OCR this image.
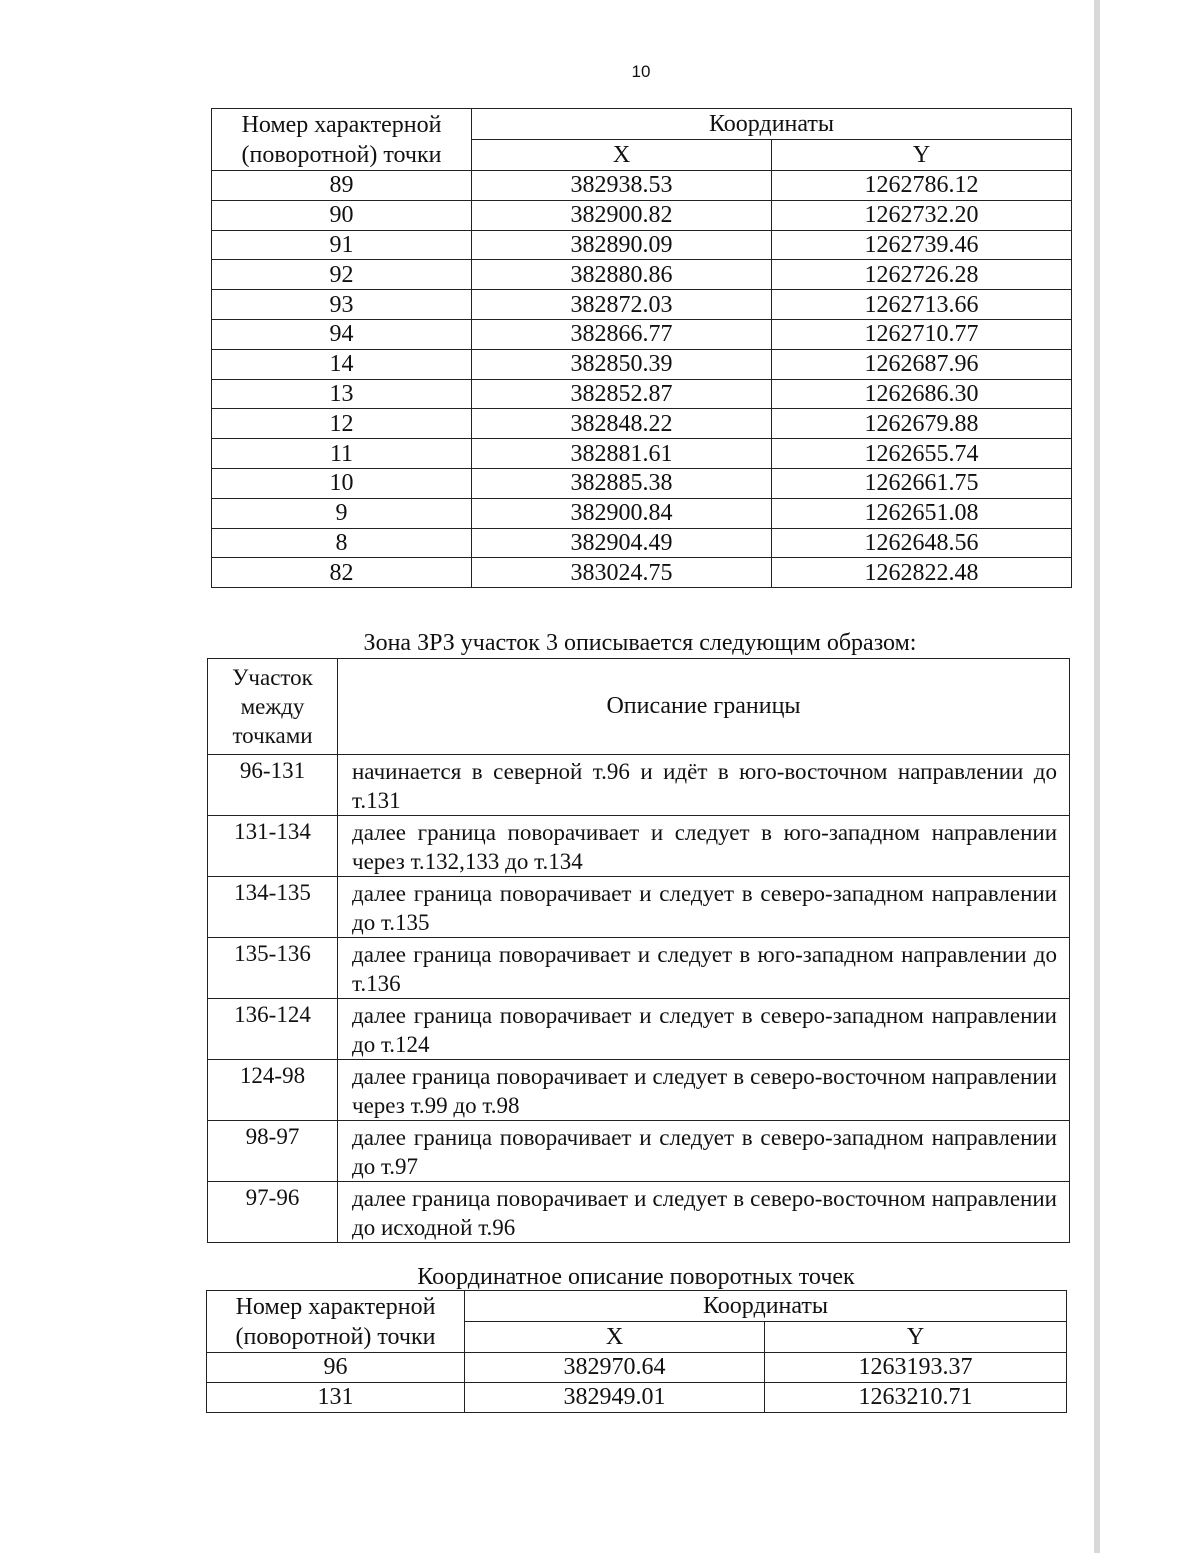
10
Номер характерной (поворотной) точки	Координаты	
	X	Y
89	382938.53	1262786.12
90	382900.82	1262732.20
91	382890.09	1262739.46
92	382880.86	1262726.28
93	382872.03	1262713.66
94	382866.77	1262710.77
14	382850.39	1262687.96
13	382852.87	1262686.30
12	382848.22	1262679.88
11	382881.61	1262655.74
10	382885.38	1262661.75
9	382900.84	1262651.08
8	382904.49	1262648.56
82	383024.75	1262822.48
Зона ЗРЗ участок 3 описывается следующим образом:
Участок между точками	Описание границы
96-131	начинается в северной т.96 и идёт в юго-восточном направлении до т.131
131-134	далее граница поворачивает и следует в юго-западном направлении через т.132,133 до т.134
134-135	далее граница поворачивает и следует в северо-западном направлении до т.135
135-136	далее граница поворачивает и следует в юго-западном направлении до т.136
136-124	далее граница поворачивает и следует в северо-западном направлении до т.124
124-98	далее граница поворачивает и следует в северо-восточном направлении через т.99 до т.98
98-97	далее граница поворачивает и следует в северо-западном направлении до т.97
97-96	далее граница поворачивает и следует в северо-восточном направлении до исходной т.96
Координатное описание поворотных точек
Номер характерной (поворотной) точки	Координаты	
	X	Y
96	382970.64	1263193.37
131	382949.01	1263210.71
